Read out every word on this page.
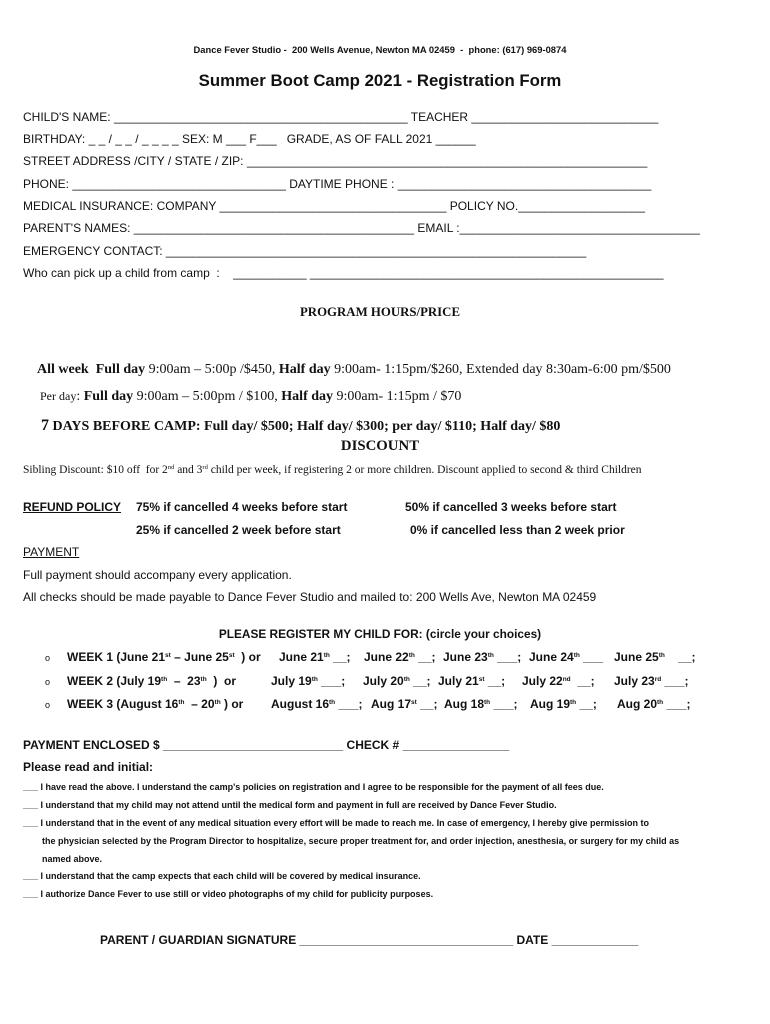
Dance Fever Studio -  200 Wells Avenue, Newton MA 02459  -  phone: (617) 969-0874
Summer Boot Camp 2021 - Registration Form
CHILD'S NAME: ____________________________________________ TEACHER ____________________________
BIRTHDAY: _ _ / _ _ / _ _ _ _ SEX: M ___ F___   GRADE, AS OF FALL 2021 ______
STREET ADDRESS /CITY / STATE / ZIP: ____________________________________________________________
PHONE: ________________________________ DAYTIME PHONE : ______________________________________
MEDICAL INSURANCE: COMPANY __________________________________ POLICY NO.___________________
PARENT'S NAMES: __________________________________________ EMAIL :____________________________________
EMERGENCY CONTACT: _______________________________________________________________
Who can pick up a child from camp  :    ___________ _____________________________________________________
PROGRAM HOURS/PRICE

All week  Full day 9:00am – 5:00p /$450, Half day 9:00am- 1:15pm/$260, Extended day 8:30am-6:00 pm/$500

Per day: Full day 9:00am – 5:00pm / $100, Half day 9:00am- 1:15pm / $70

7 DAYS BEFORE CAMP: Full day/ $500; Half day/ $300; per day/ $110; Half day/ $80

DISCOUNT
Sibling Discount: $10 off  for 2nd and 3rd child per week, if registering 2 or more children. Discount applied to second & third Children
REFUND POLICY 75% if cancelled 4 weeks before start	50% if cancelled 3 weeks before start
25% if cancelled 2 week before start	0% if cancelled less than 2 week prior
PAYMENT
Full payment should accompany every application.
All checks should be made payable to Dance Fever Studio and mailed to: 200 Wells Ave, Newton MA 02459
PLEASE REGISTER MY CHILD FOR: (circle your choices)
o WEEK 1 (June 21st – June 25st  ) or June 21th __; June 22th __; June 23th ___; June 24th ___ June 25th    __;
o WEEK 2 (July 19th  –  23th  )  or	July 19th ___; July 20th __; July 21st __; July 22nd  __; July 23rd ___;
o WEEK 3 (August 16th  – 20th ) or August 16th ___; Aug 17st __; Aug 18th ___; Aug 19th __; Aug 20th ___;
PAYMENT ENCLOSED $ ___________________________ CHECK # ________________
Please read and initial:
___ I have read the above. I understand the camp's policies on registration and I agree to be responsible for the payment of all fees due.
___ I understand that my child may not attend until the medical form and payment in full are received by Dance Fever Studio.
___ I understand that in the event of any medical situation every effort will be made to reach me. In case of emergency, I hereby give permission to
the physician selected by the Program Director to hospitalize, secure proper treatment for, and order injection, anesthesia, or surgery for my child as
named above.
___ I understand that the camp expects that each child will be covered by medical insurance.
___ I authorize Dance Fever to use still or video photographs of my child for publicity purposes.
PARENT / GUARDIAN SIGNATURE ________________________________ DATE _____________
